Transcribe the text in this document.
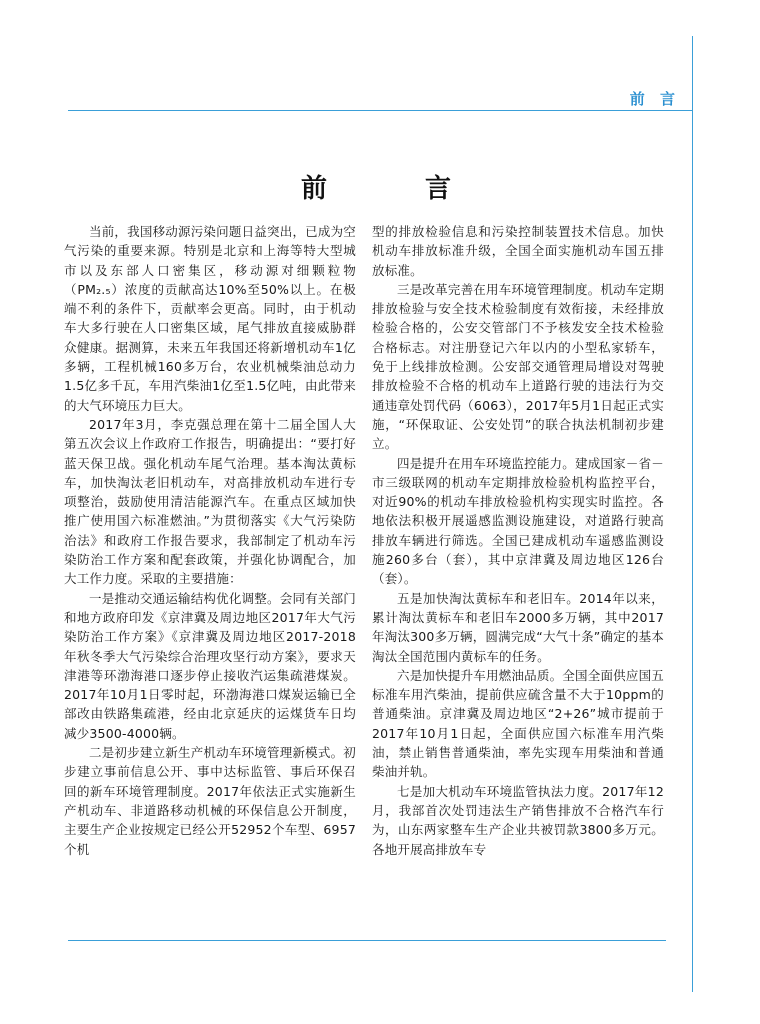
前 言
前　言

当前，我国移动源污染问题日益突出，已成为空气污染的重要来源。特别是北京和上海等特大型城市以及东部人口密集区，移动源对细颗粒物（PM₂.₅）浓度的贡献高达10%至50%以上。在极端不利的条件下，贡献率会更高。同时，由于机动车大多行驶在人口密集区域，尾气排放直接威胁群众健康。据测算，未来五年我国还将新增机动车1亿多辆，工程机械160多万台，农业机械柴油总动力1.5亿多千瓦，车用汽柴油1亿至1.5亿吨，由此带来的大气环境压力巨大。

2017年3月，李克强总理在第十二届全国人大第五次会议上作政府工作报告，明确提出：“要打好蓝天保卫战。强化机动车尾气治理。基本淘汰黄标车，加快淘汰老旧机动车，对高排放机动车进行专项整治，鼓励使用清洁能源汽车。在重点区域加快推广使用国六标准燃油。”为贯彻落实《大气污染防治法》和政府工作报告要求，我部制定了机动车污染防治工作方案和配套政策，并强化协调配合，加大工作力度。采取的主要措施：

一是推动交通运输结构优化调整。会同有关部门和地方政府印发《京津冀及周边地区2017年大气污染防治工作方案》《京津冀及周边地区2017-2018 年秋冬季大气污染综合治理攻坚行动方案》，要求天津港等环渤海港口逐步停止接收汽运集疏港煤炭。2017年10月1日零时起，环渤海港口煤炭运输已全部改由铁路集疏港，经由北京延庆的运煤货车日均减少3500-4000辆。

二是初步建立新生产机动车环境管理新模式。初步建立事前信息公开、事中达标监管、事后环保召回的新车环境管理制度。2017年依法正式实施新生产机动车、非道路移动机械的环保信息公开制度，主要生产企业按规定已经公开52952个车型、6957个机

型的排放检验信息和污染控制装置技术信息。加快机动车排放标准升级，全国全面实施机动车国五排放标准。

三是改革完善在用车环境管理制度。机动车定期排放检验与安全技术检验制度有效衔接，未经排放检验合格的，公安交管部门不予核发安全技术检验合格标志。对注册登记六年以内的小型私家轿车，免于上线排放检测。公安部交通管理局增设对驾驶排放检验不合格的机动车上道路行驶的违法行为交通违章处罚代码（6063），2017年5月1日起正式实施，“环保取证、公安处罚”的联合执法机制初步建立。

四是提升在用车环境监控能力。建成国家－省－市三级联网的机动车定期排放检验机构监控平台，对近90%的机动车排放检验机构实现实时监控。各地依法积极开展遥感监测设施建设，对道路行驶高排放车辆进行筛选。全国已建成机动车遥感监测设施260多台（套），其中京津冀及周边地区126台（套）。

五是加快淘汰黄标车和老旧车。2014年以来，累计淘汰黄标车和老旧车2000多万辆，其中2017年淘汰300多万辆，圆满完成“大气十条”确定的基本淘汰全国范围内黄标车的任务。

六是加快提升车用燃油品质。全国全面供应国五标准车用汽柴油，提前供应硫含量不大于10ppm的普通柴油。京津冀及周边地区“2+26”城市提前于2017年10月1日起，全面供应国六标准车用汽柴油，禁止销售普通柴油，率先实现车用柴油和普通柴油并轨。

七是加大机动车环境监管执法力度。2017年12月，我部首次处罚违法生产销售排放不合格汽车行为，山东两家整车生产企业共被罚款3800多万元。各地开展高排放车专
